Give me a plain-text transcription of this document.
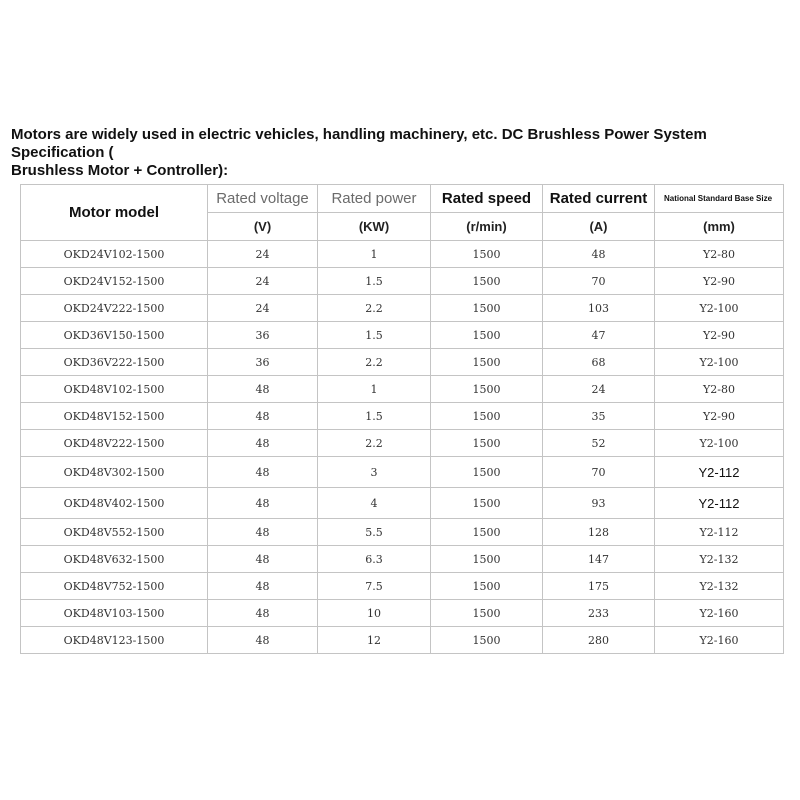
Motors are widely used in electric vehicles, handling machinery, etc. DC Brushless Power System Specification (
Brushless Motor + Controller):
Motor model	Rated voltage	Rated power	Rated speed	Rated current	National Standard Base Size
	(V)	(KW)	(r/min)	(A)	(mm)
OKD24V102-1500	24	1	1500	48	Y2-80
OKD24V152-1500	24	1.5	1500	70	Y2-90
OKD24V222-1500	24	2.2	1500	103	Y2-100
OKD36V150-1500	36	1.5	1500	47	Y2-90
OKD36V222-1500	36	2.2	1500	68	Y2-100
OKD48V102-1500	48	1	1500	24	Y2-80
OKD48V152-1500	48	1.5	1500	35	Y2-90
OKD48V222-1500	48	2.2	1500	52	Y2-100
OKD48V302-1500	48	3	1500	70	Y2-112
OKD48V402-1500	48	4	1500	93	Y2-112
OKD48V552-1500	48	5.5	1500	128	Y2-112
OKD48V632-1500	48	6.3	1500	147	Y2-132
OKD48V752-1500	48	7.5	1500	175	Y2-132
OKD48V103-1500	48	10	1500	233	Y2-160
OKD48V123-1500	48	12	1500	280	Y2-160
